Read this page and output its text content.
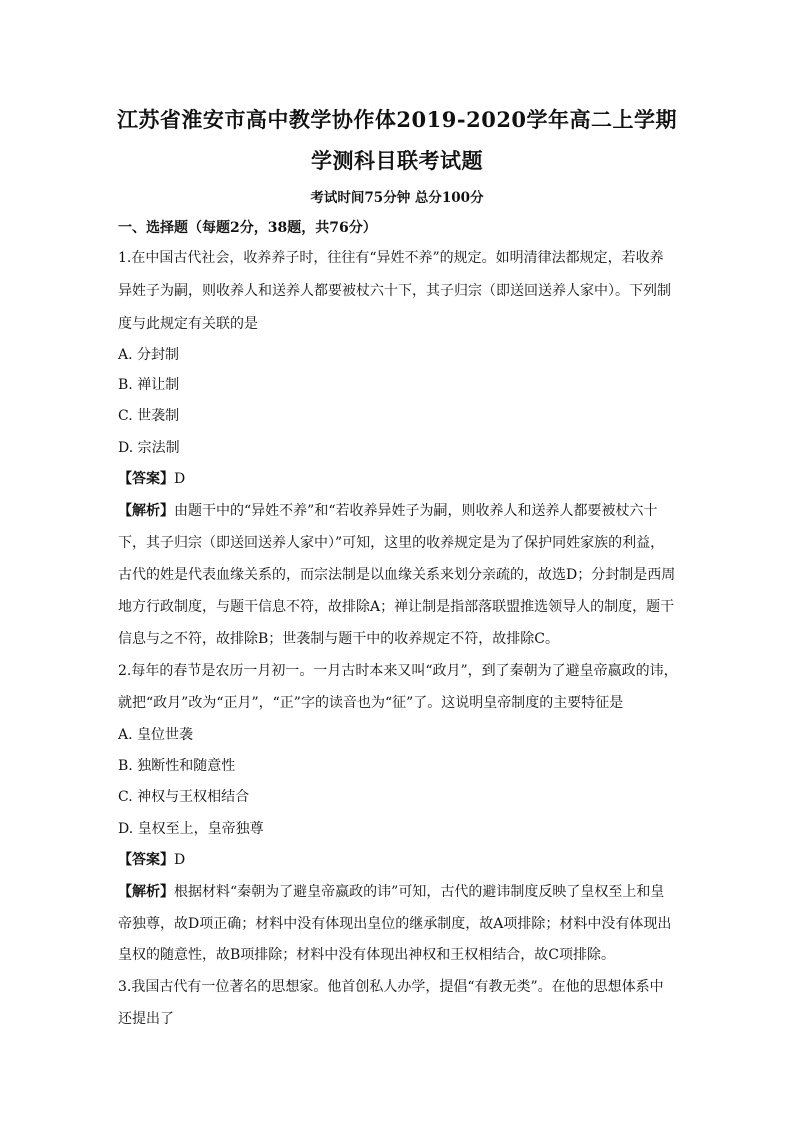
江苏省淮安市高中教学协作体2019-2020学年高二上学期
学测科目联考试题
考试时间75分钟 总分100分
一、选择题（每题2分，38题，共76分）
1.在中国古代社会，收养养子时，往往有“异姓不养”的规定。如明清律法都规定，若收养
异姓子为嗣，则收养人和送养人都要被杖六十下，其子归宗（即送回送养人家中）。下列制
度与此规定有关联的是
A. 分封制
B. 禅让制
C. 世袭制
D. 宗法制
【答案】D
【解析】由题干中的“异姓不养”和“若收养异姓子为嗣，则收养人和送养人都要被杖六十
下，其子归宗（即送回送养人家中）”可知，这里的收养规定是为了保护同姓家族的利益，
古代的姓是代表血缘关系的，而宗法制是以血缘关系来划分亲疏的，故选D；分封制是西周
地方行政制度，与题干信息不符，故排除A；禅让制是指部落联盟推选领导人的制度，题干
信息与之不符，故排除B；世袭制与题干中的收养规定不符，故排除C。
2.每年的春节是农历一月初一。一月古时本来又叫“政月”，到了秦朝为了避皇帝嬴政的讳，
就把“政月”改为“正月”，“正”字的读音也为“征”了。这说明皇帝制度的主要特征是
A. 皇位世袭
B. 独断性和随意性
C. 神权与王权相结合
D. 皇权至上，皇帝独尊
【答案】D
【解析】根据材料“秦朝为了避皇帝嬴政的讳”可知，古代的避讳制度反映了皇权至上和皇
帝独尊，故D项正确；材料中没有体现出皇位的继承制度，故A项排除；材料中没有体现出
皇权的随意性，故B项排除；材料中没有体现出神权和王权相结合，故C项排除。
3.我国古代有一位著名的思想家。他首创私人办学，提倡“有教无类”。在他的思想体系中
还提出了
